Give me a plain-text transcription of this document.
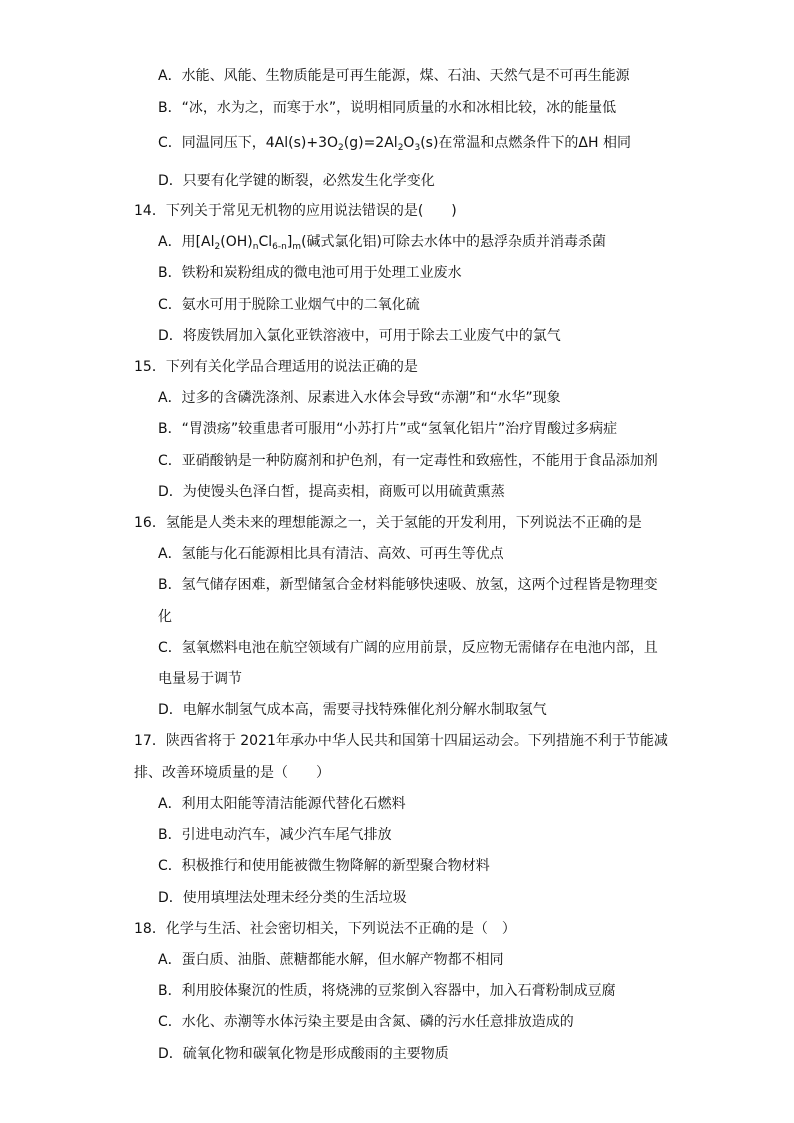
A．水能、风能、生物质能是可再生能源，煤、石油、天然气是不可再生能源
B．“冰，水为之，而寒于水”，说明相同质量的水和冰相比较，冰的能量低
C．同温同压下，$4Al(s)+3O_2(g)=2Al_2O_3(s)$在常温和点燃条件下的ΔH 相同
D．只要有化学键的断裂，必然发生化学变化
14．下列关于常见无机物的应用说法错误的是(　　)
A．用$[Al_2(OH)_nCl_{6-n}]_m$(碱式氯化铝)可除去水体中的悬浮杂质并消毒杀菌
B．铁粉和炭粉组成的微电池可用于处理工业废水
C．氨水可用于脱除工业烟气中的二氧化硫
D．将废铁屑加入氯化亚铁溶液中，可用于除去工业废气中的氯气
15．下列有关化学品合理适用的说法正确的是
A．过多的含磷洗涤剂、尿素进入水体会导致“赤潮”和“水华”现象
B．“胃溃疡”较重患者可服用“小苏打片”或“氢氧化铝片”治疗胃酸过多病症
C．亚硝酸钠是一种防腐剂和护色剂，有一定毒性和致癌性，不能用于食品添加剂
D．为使馒头色泽白皙，提高卖相，商贩可以用硫黄熏蒸
16．氢能是人类未来的理想能源之一，关于氢能的开发利用，下列说法不正确的是
A．氢能与化石能源相比具有清洁、高效、可再生等优点
B．氢气储存困难，新型储氢合金材料能够快速吸、放氢，这两个过程皆是物理变
化
C．氢氧燃料电池在航空领域有广阔的应用前景，反应物无需储存在电池内部，且
电量易于调节
D．电解水制氢气成本高，需要寻找特殊催化剂分解水制取氢气
17．陕西省将于 2021年承办中华人民共和国第十四届运动会。下列措施不利于节能减
排、改善环境质量的是（　　）
A．利用太阳能等清洁能源代替化石燃料
B．引进电动汽车，减少汽车尾气排放
C．积极推行和使用能被微生物降解的新型聚合物材料
D．使用填埋法处理未经分类的生活垃圾
18．化学与生活、社会密切相关，下列说法不正确的是（　）
A．蛋白质、油脂、蔗糖都能水解，但水解产物都不相同
B．利用胶体聚沉的性质，将烧沸的豆浆倒入容器中，加入石膏粉制成豆腐
C．水化、赤潮等水体污染主要是由含氮、磷的污水任意排放造成的
D．硫氧化物和碳氧化物是形成酸雨的主要物质
